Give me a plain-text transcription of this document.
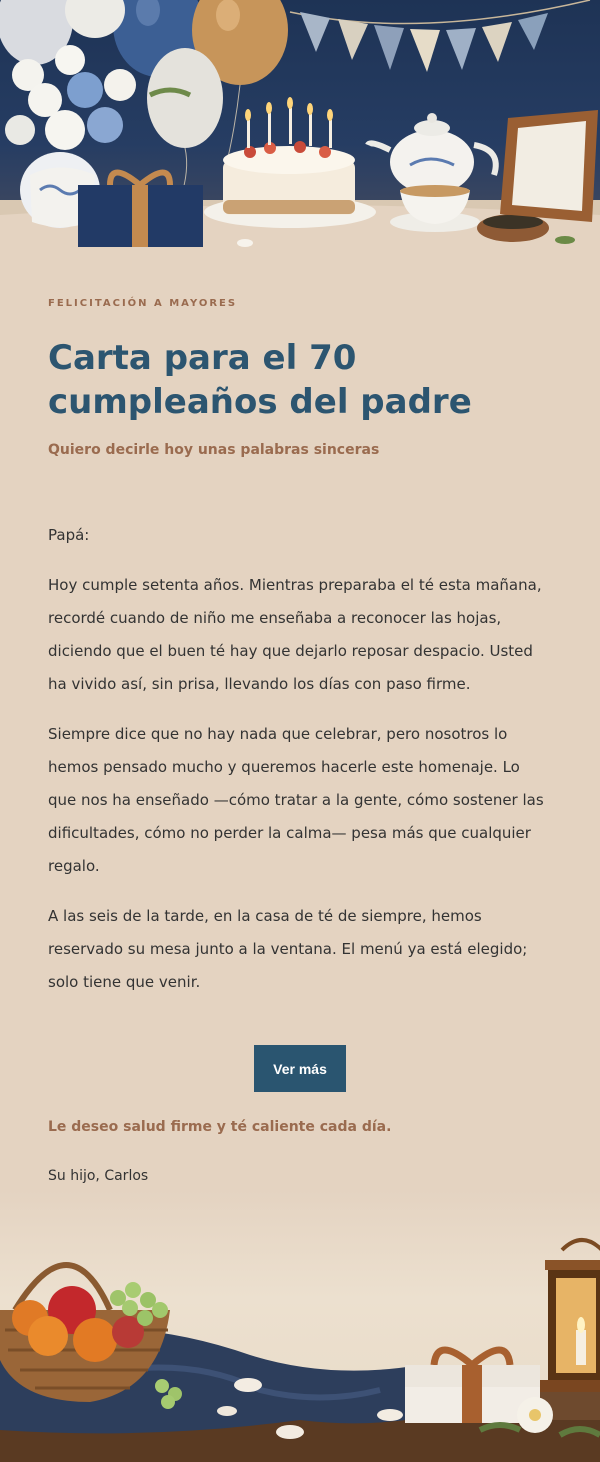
FELICITACIÓN A MAYORES
Carta para el 70 cumpleaños del padre
Quiero decirle hoy unas palabras sinceras

Papá:

Hoy cumple setenta años. Mientras preparaba el té esta mañana, recordé cuando de niño me enseñaba a reconocer las hojas, diciendo que el buen té hay que dejarlo reposar despacio. Usted ha vivido así, sin prisa, llevando los días con paso firme.

Siempre dice que no hay nada que celebrar, pero nosotros lo hemos pensado mucho y queremos hacerle este homenaje. Lo que nos ha enseñado —cómo tratar a la gente, cómo sostener las dificultades, cómo no perder la calma— pesa más que cualquier regalo.

A las seis de la tarde, en la casa de té de siempre, hemos reservado su mesa junto a la ventana. El menú ya está elegido; solo tiene que venir.

Ver más
Le deseo salud firme y té caliente cada día.
Su hijo, Carlos
